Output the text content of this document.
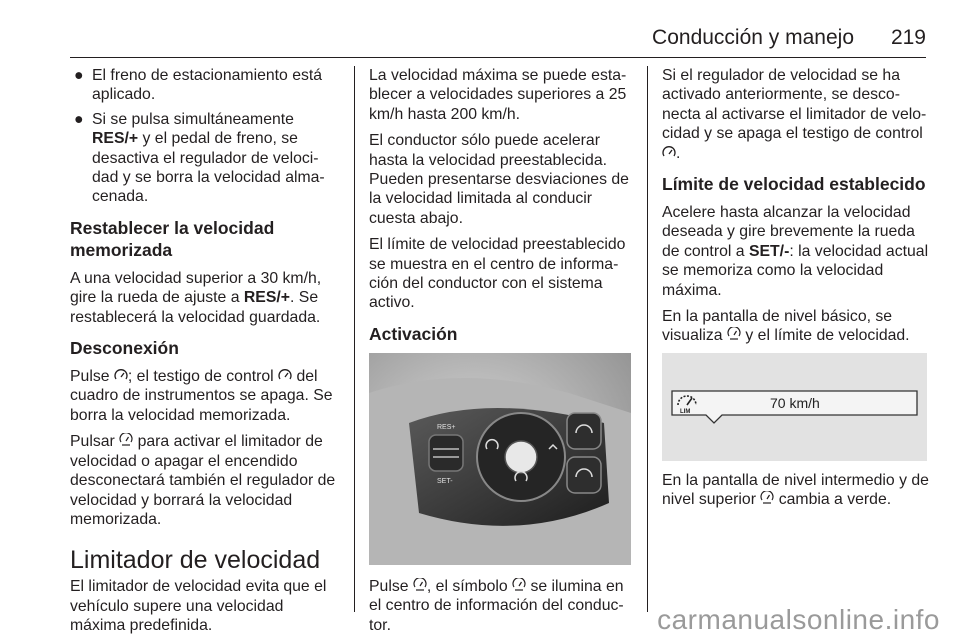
Conducción y manejo 219
● El freno de estacionamiento está aplicado.
● Si se pulsa simultáneamente RES/+ y el pedal de freno, se desactiva el regulador de veloci-dad y se borra la velocidad alma-cenada.
Restablecer la velocidad memorizada

A una velocidad superior a 30 km/h, gire la rueda de ajuste a RES/+. Se restablecerá la velocidad guardada.

Desconexión

Pulse ; el testigo de control del cuadro de instrumentos se apaga. Se borra la velocidad memorizada.

Pulsar para activar el limitador de velocidad o apagar el encendido desconectará también el regulador de velocidad y borrará la velocidad memorizada.

Limitador de velocidad

El limitador de velocidad evita que el vehículo supere una velocidad máxima predefinida.

La velocidad máxima se puede esta-blecer a velocidades superiores a 25 km/h hasta 200 km/h.

El conductor sólo puede acelerar hasta la velocidad preestablecida. Pueden presentarse desviaciones de la velocidad limitada al conducir cuesta abajo.

El límite de velocidad preestablecido se muestra en el centro de informa-ción del conductor con el sistema activo.

Activación
RES+
SET-

Pulse , el símbolo se ilumina en el centro de información del conduc-tor.

Si el regulador de velocidad se ha activado anteriormente, se desco-necta al activarse el limitador de velo-cidad y se apaga el testigo de control .

Límite de velocidad establecido

Acelere hasta alcanzar la velocidad deseada y gire brevemente la rueda de control a SET/-: la velocidad actual se memoriza como la velocidad máxima.

En la pantalla de nivel básico, se visualiza y el límite de velocidad.

LIM
70 km/h

En la pantalla de nivel intermedio y de nivel superior cambia a verde.

carmanualsonline.info
